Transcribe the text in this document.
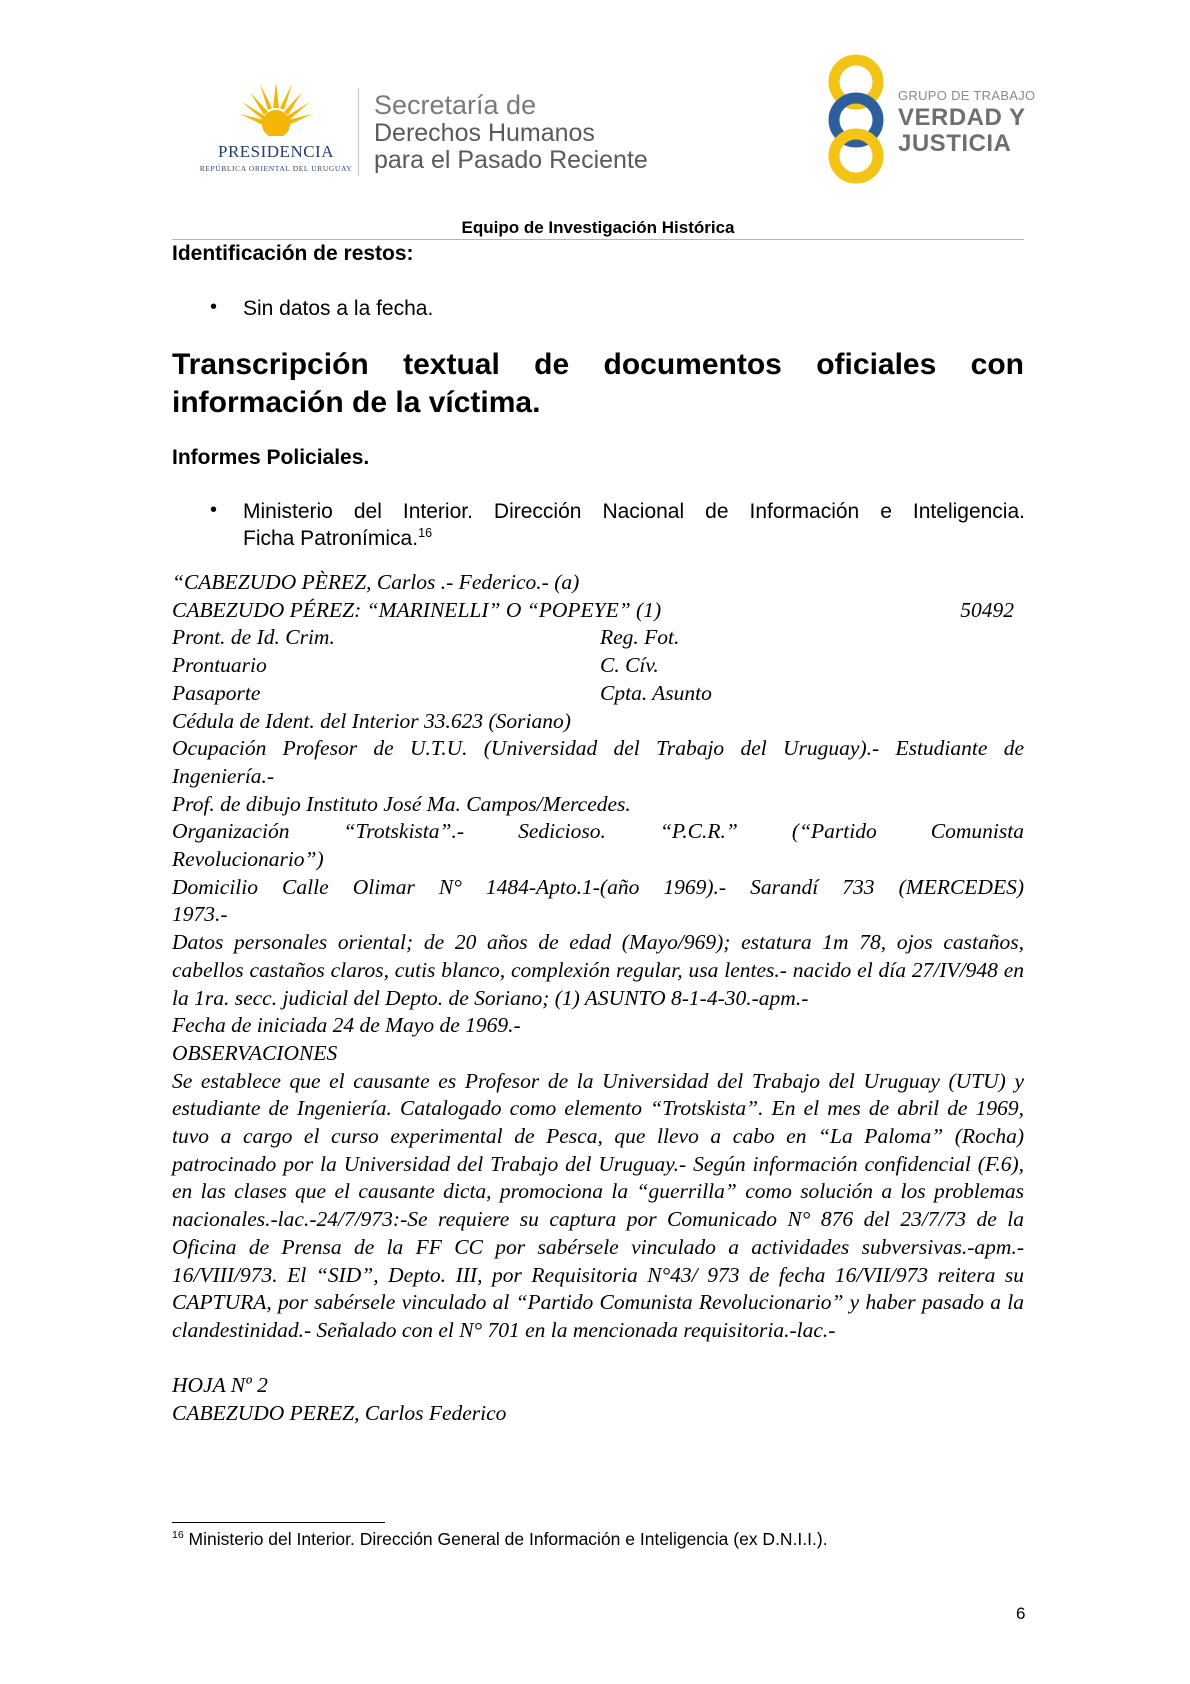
PRESIDENCIA
REPÚBLICA ORIENTAL DEL URUGUAY
Secretaría de
Derechos Humanos
para el Pasado Reciente
GRUPO DE TRABAJO
VERDAD Y
JUSTICIA
Equipo de Investigación Histórica
Identificación de restos:
• Sin datos a la fecha.
Transcripción textual de documentos oficiales con
información de la víctima.
Informes Policiales.
• Ministerio del Interior. Dirección Nacional de Información e Inteligencia.
Ficha Patronímica.$^{16}$
“CABEZUDO PÈREZ, Carlos .- Federico.- (a)
CABEZUDO PÉREZ: “MARINELLI” O “POPEYE” (1)	50492
Pront. de Id. Crim.	Reg. Fot.
Prontuario	C. Cív.
Pasaporte	Cpta. Asunto
Cédula de Ident. del Interior 33.623 (Soriano)
Ocupación Profesor de U.T.U. (Universidad del Trabajo del Uruguay).- Estudiante de
Ingeniería.-
Prof. de dibujo Instituto José Ma. Campos/Mercedes.
Organización “Trotskista”.- Sedicioso. “P.C.R.” (“Partido Comunista
Revolucionario”)
Domicilio Calle Olimar N° 1484-Apto.1-(año 1969).- Sarandí 733 (MERCEDES)
1973.-
Datos personales oriental; de 20 años de edad (Mayo/969); estatura 1m 78, ojos castaños, cabellos castaños claros, cutis blanco, complexión regular, usa lentes.- nacido el día 27/IV/948 en la 1ra. secc. judicial del Depto. de Soriano; (1) ASUNTO 8-1-4-30.-apm.-
Fecha de iniciada 24 de Mayo de 1969.-
OBSERVACIONES
Se establece que el causante es Profesor de la Universidad del Trabajo del Uruguay (UTU) y estudiante de Ingeniería. Catalogado como elemento “Trotskista”. En el mes de abril de 1969, tuvo a cargo el curso experimental de Pesca, que llevo a cabo en “La Paloma” (Rocha) patrocinado por la Universidad del Trabajo del Uruguay.- Según información confidencial (F.6), en las clases que el causante dicta, promociona la “guerrilla” como solución a los problemas nacionales.-lac.-24/7/973:-Se requiere su captura por Comunicado N° 876 del 23/7/73 de la Oficina de Prensa de la FF CC por sabérsele vinculado a actividades subversivas.-apm.- 16/VIII/973. El “SID”, Depto. III, por Requisitoria N°43/ 973 de fecha 16/VII/973 reitera su CAPTURA, por sabérsele vinculado al “Partido Comunista Revolucionario” y haber pasado a la clandestinidad.- Señalado con el N° 701 en la mencionada requisitoria.-lac.-
HOJA Nº 2
CABEZUDO PEREZ, Carlos Federico
$^{16}$ Ministerio del Interior. Dirección General de Información e Inteligencia (ex D.N.I.I.).
6
